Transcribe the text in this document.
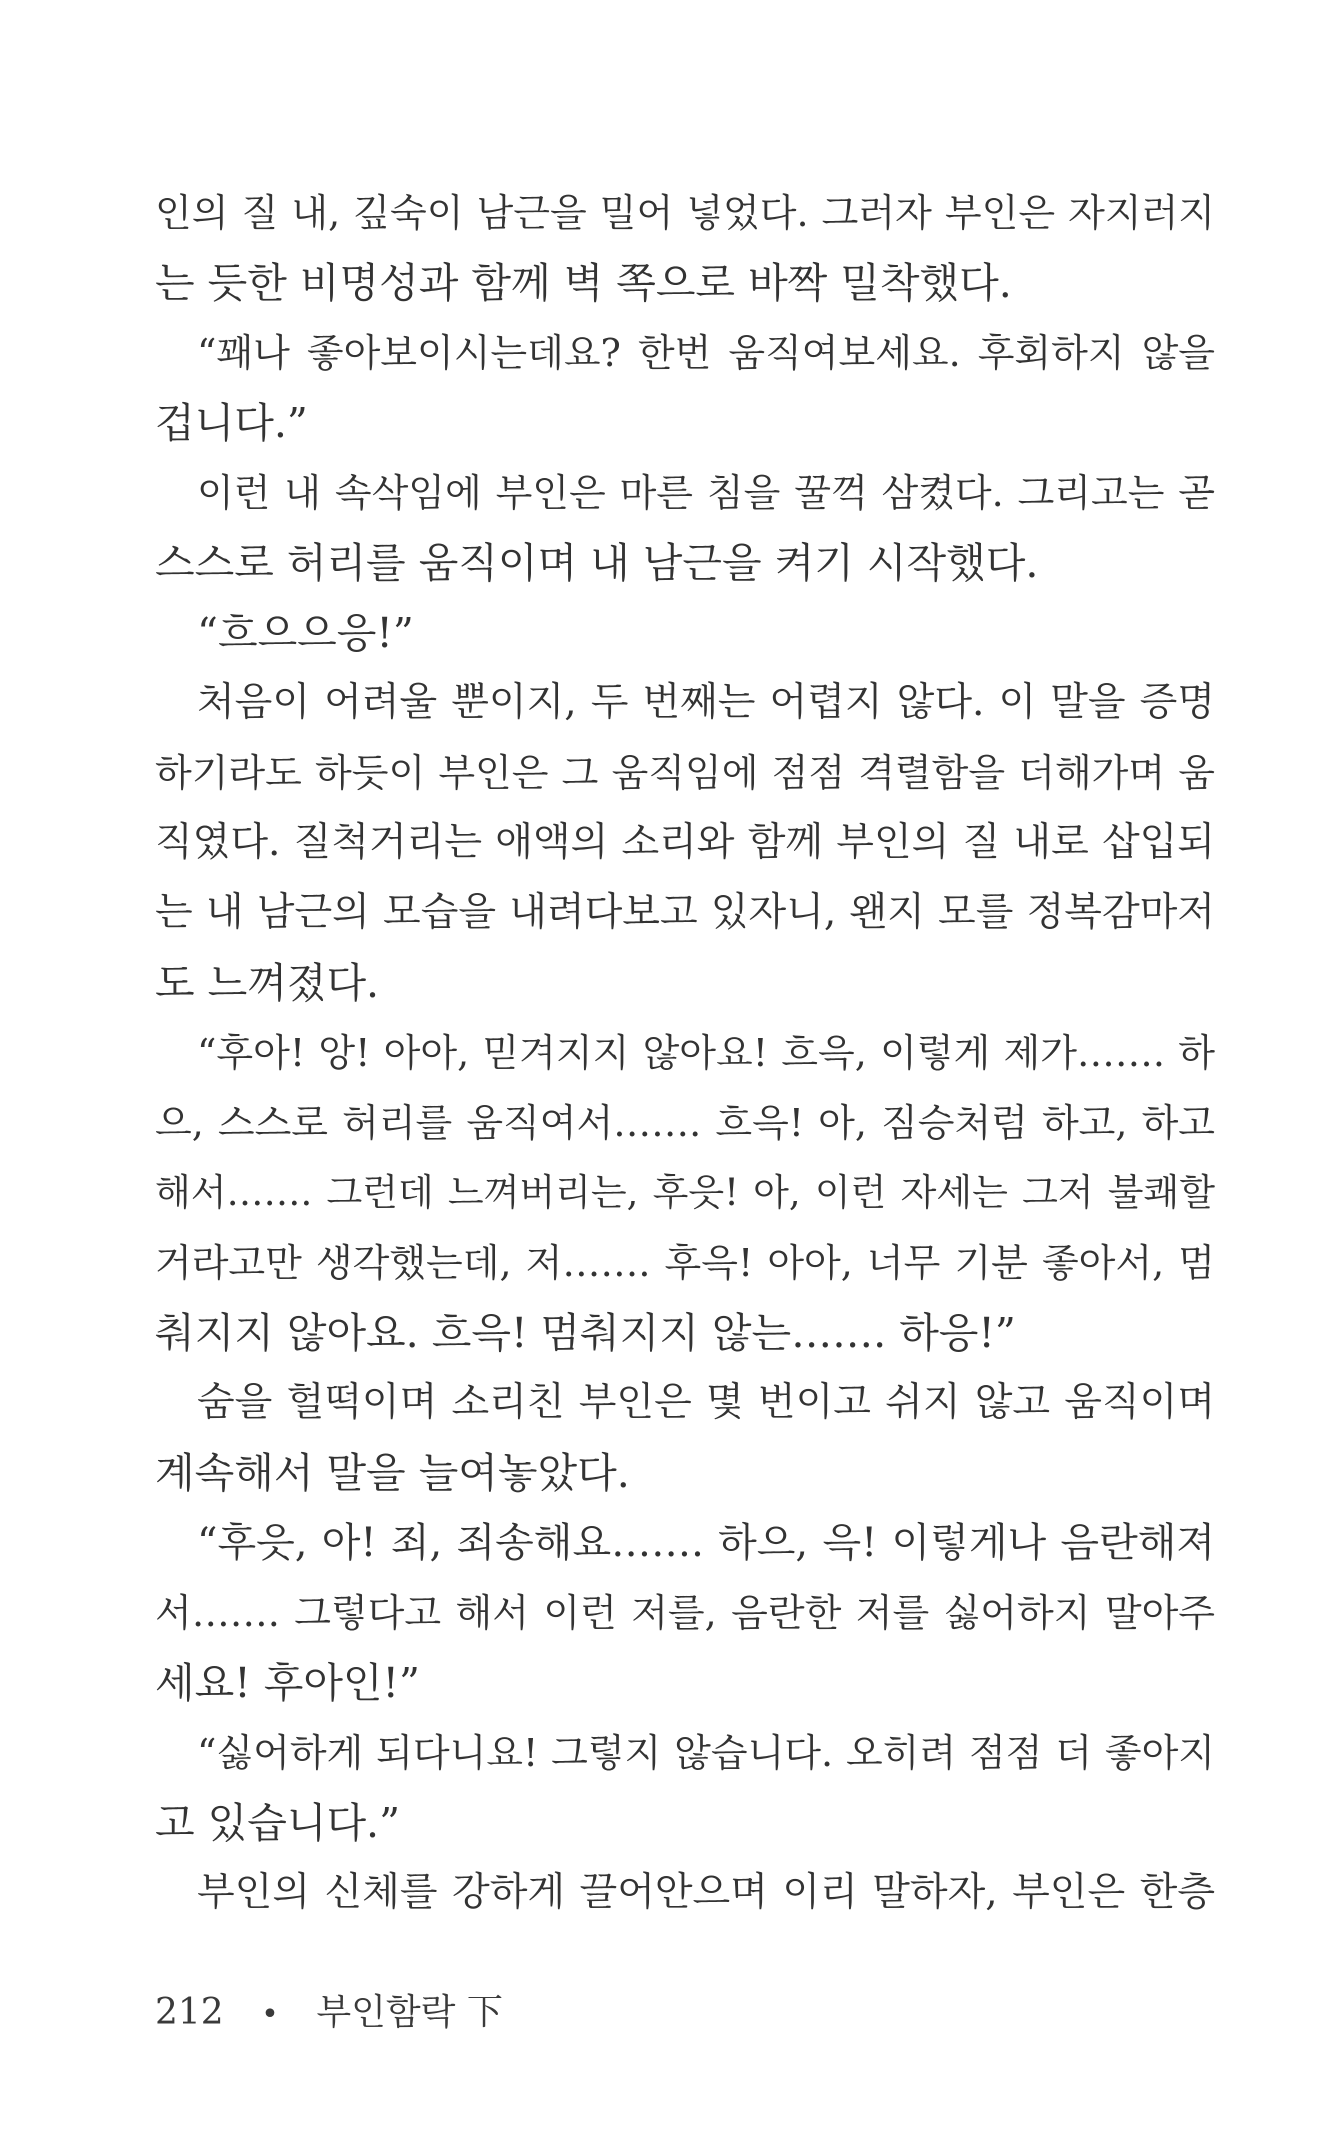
인의 질 내, 깊숙이 남근을 밀어 넣었다. 그러자 부인은 자지러지
는 듯한 비명성과 함께 벽 쪽으로 바짝 밀착했다.
“꽤나 좋아보이시는데요? 한번 움직여보세요. 후회하지 않을
겁니다.”
이런 내 속삭임에 부인은 마른 침을 꿀꺽 삼켰다. 그리고는 곧
스스로 허리를 움직이며 내 남근을 켜기 시작했다.
“흐으으응!”
처음이 어려울 뿐이지, 두 번째는 어렵지 않다. 이 말을 증명
하기라도 하듯이 부인은 그 움직임에 점점 격렬함을 더해가며 움
직였다. 질척거리는 애액의 소리와 함께 부인의 질 내로 삽입되
는 내 남근의 모습을 내려다보고 있자니, 왠지 모를 정복감마저
도 느껴졌다.
“후아! 앙! 아아, 믿겨지지 않아요! 흐윽, 이렇게 제가……. 하
으, 스스로 허리를 움직여서……. 흐윽! 아, 짐승처럼 하고, 하고
해서……. 그런데 느껴버리는, 후읏! 아, 이런 자세는 그저 불쾌할
거라고만 생각했는데, 저……. 후윽! 아아, 너무 기분 좋아서, 멈
춰지지 않아요. 흐윽! 멈춰지지 않는……. 하응!”
숨을 헐떡이며 소리친 부인은 몇 번이고 쉬지 않고 움직이며
계속해서 말을 늘여놓았다.
“후읏, 아! 죄, 죄송해요……. 하으, 윽! 이렇게나 음란해져
서……. 그렇다고 해서 이런 저를, 음란한 저를 싫어하지 말아주
세요! 후아인!”
“싫어하게 되다니요! 그렇지 않습니다. 오히려 점점 더 좋아지
고 있습니다.”
부인의 신체를 강하게 끌어안으며 이리 말하자, 부인은 한층
212 • 부인함락 下
